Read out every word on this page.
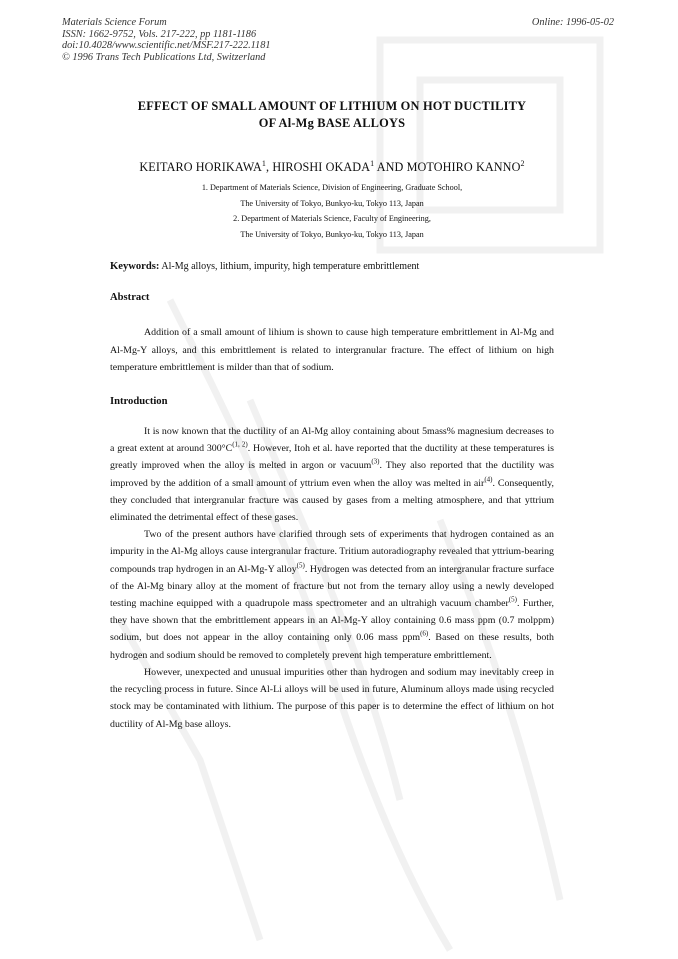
Materials Science Forum
ISSN: 1662-9752, Vols. 217-222, pp 1181-1186
doi:10.4028/www.scientific.net/MSF.217-222.1181
© 1996 Trans Tech Publications Ltd, Switzerland
Online: 1996-05-02
EFFECT OF SMALL AMOUNT OF LITHIUM ON HOT DUCTILITY
OF Al-Mg BASE ALLOYS
KEITARO HORIKAWA$^1$, HIROSHI OKADA$^1$ AND MOTOHIRO KANNO$^2$
1. Department of Materials Science, Division of Engineering, Graduate School,
The University of Tokyo, Bunkyo-ku, Tokyo 113, Japan
2. Department of Materials Science, Faculty of Engineering,
The University of Tokyo, Bunkyo-ku, Tokyo 113, Japan
Keywords: Al-Mg alloys, lithium, impurity, high temperature embrittlement
Abstract

Addition of a small amount of lihium is shown to cause high temperature embrittlement in Al-Mg and Al-Mg-Y alloys, and this embrittlement is related to intergranular fracture. The effect of lithium on high temperature embrittlement is milder than that of sodium.

Introduction

It is now known that the ductility of an Al-Mg alloy containing about 5mass% magnesium decreases to a great extent at around $300^\circ C^{(1, 2)}$. However, Itoh et al. have reported that the ductility at these temperatures is greatly improved when the alloy is melted in argon or vacuum$^{(3)}$. They also reported that the ductility was improved by the addition of a small amount of yttrium even when the alloy was melted in air$^{(4)}$. Consequently, they concluded that intergranular fracture was caused by gases from a melting atmosphere, and that yttrium eliminated the detrimental effect of these gases.

Two of the present authors have clarified through sets of experiments that hydrogen contained as an impurity in the Al-Mg alloys cause intergranular fracture. Tritium autoradiography revealed that yttrium-bearing compounds trap hydrogen in an Al-Mg-Y alloy$^{(5)}$. Hydrogen was detected from an intergranular fracture surface of the Al-Mg binary alloy at the moment of fracture but not from the ternary alloy using a newly developed testing machine equipped with a quadrupole mass spectrometer and an ultrahigh vacuum chamber$^{(5)}$. Further, they have shown that the embrittlement appears in an Al-Mg-Y alloy containing 0.6 mass ppm (0.7 molppm) sodium, but does not appear in the alloy containing only 0.06 mass ppm$^{(6)}$. Based on these results, both hydrogen and sodium should be removed to completely prevent high temperature embrittlement.

However, unexpected and unusual impurities other than hydrogen and sodium may inevitably creep in the recycling process in future. Since Al-Li alloys will be used in future, Aluminum alloys made using recycled stock may be contaminated with lithium. The purpose of this paper is to determine the effect of lithium on hot ductility of Al-Mg base alloys.
